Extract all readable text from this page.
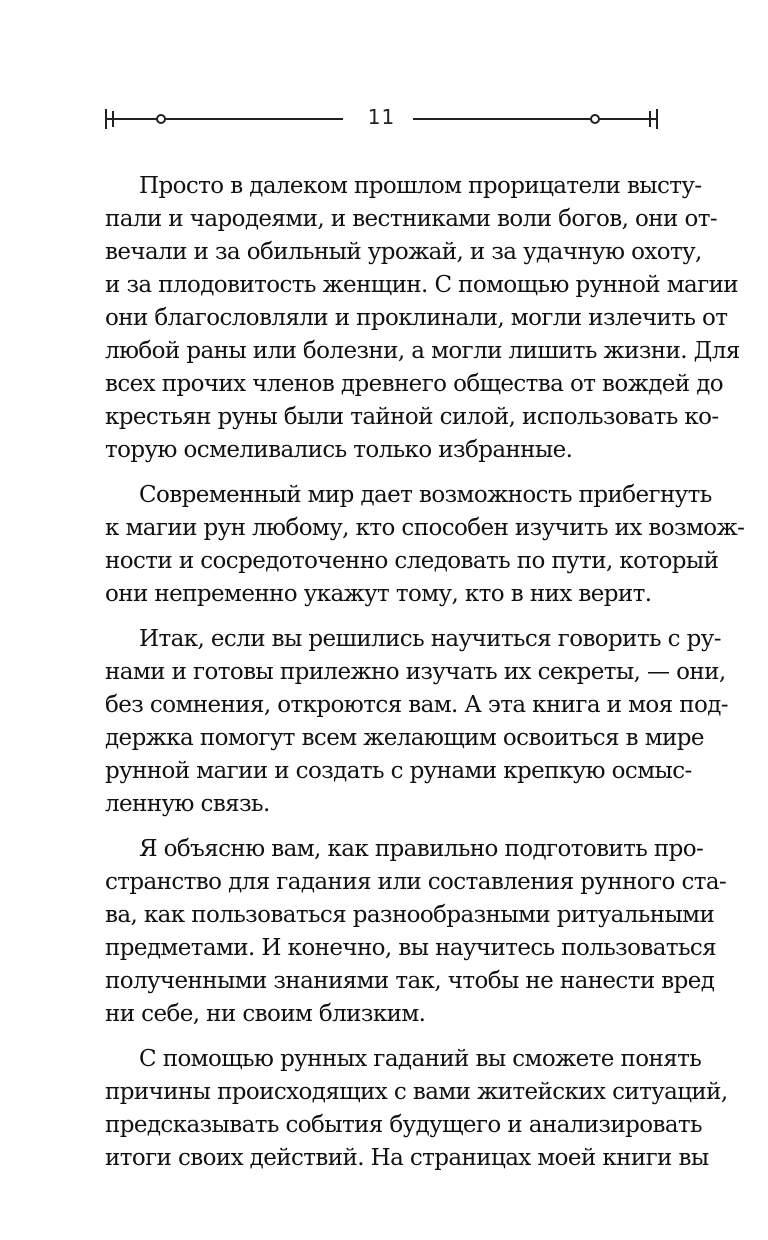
11

Просто в далеком прошлом прорицатели высту-
пали и чародеями, и вестниками воли богов, они от-
вечали и за обильный урожай, и за удачную охоту,
и за плодовитость женщин. С помощью рунной магии
они благословляли и проклинали, могли излечить от
любой раны или болезни, а могли лишить жизни. Для
всех прочих членов древнего общества от вождей до
крестьян руны были тайной силой, использовать ко-
торую осмеливались только избранные.

Современный мир дает возможность прибегнуть
к магии рун любому, кто способен изучить их возмож-
ности и сосредоточенно следовать по пути, который
они непременно укажут тому, кто в них верит.

Итак, если вы решились научиться говорить с ру-
нами и готовы прилежно изучать их секреты, — они,
без сомнения, откроются вам. А эта книга и моя под-
держка помогут всем желающим освоиться в мире
рунной магии и создать с рунами крепкую осмыс-
ленную связь.

Я объясню вам, как правильно подготовить про-
странство для гадания или составления рунного ста-
ва, как пользоваться разнообразными ритуальными
предметами. И конечно, вы научитесь пользоваться
полученными знаниями так, чтобы не нанести вред
ни себе, ни своим близким.

С помощью рунных гаданий вы сможете понять
причины происходящих с вами житейских ситуаций,
предсказывать события будущего и анализировать
итоги своих действий. На страницах моей книги вы
